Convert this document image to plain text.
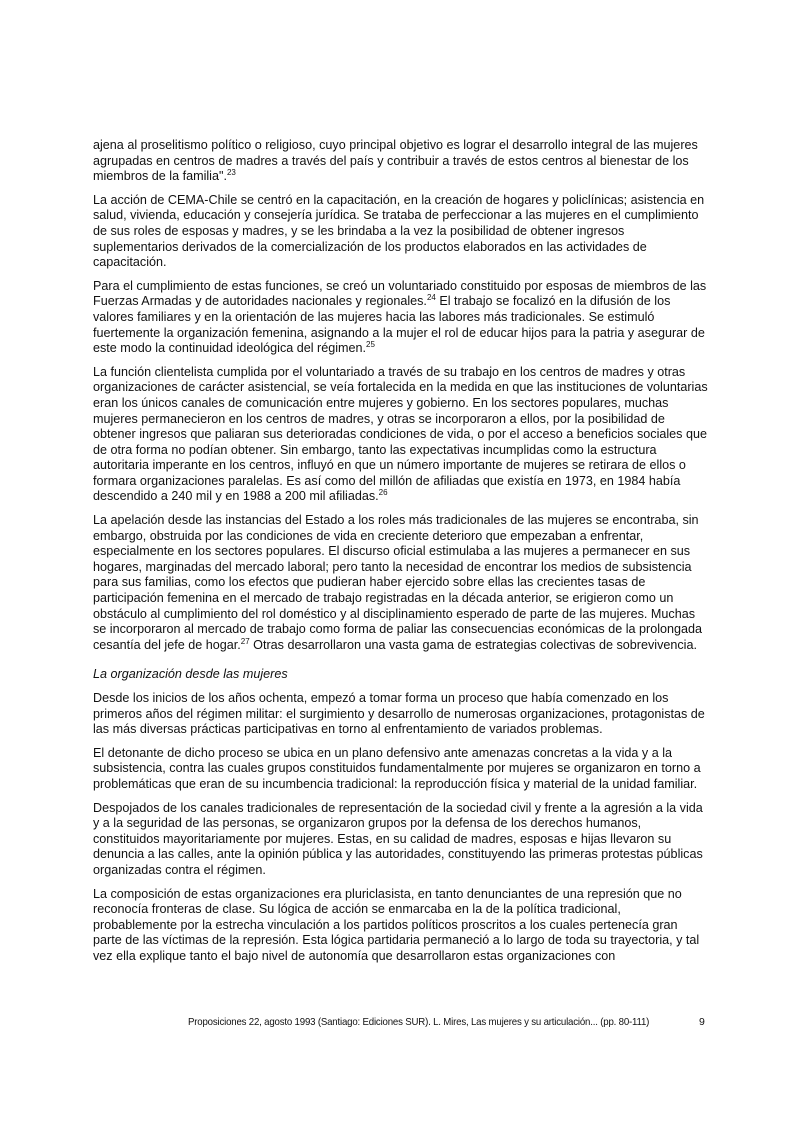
ajena al proselitismo político o religioso, cuyo principal objetivo es lograr el desarrollo integral de las mujeres agrupadas en centros de madres a través del país y contribuir a través de estos centros al bienestar de los miembros de la familia".$^{23}$

La acción de CEMA-Chile se centró en la capacitación, en la creación de hogares y policlínicas; asistencia en salud, vivienda, educación y consejería jurídica. Se trataba de perfeccionar a las mujeres en el cumplimiento de sus roles de esposas y madres, y se les brindaba a la vez la posibilidad de obtener ingresos suplementarios derivados de la comercialización de los productos elaborados en las actividades de capacitación.

Para el cumplimiento de estas funciones, se creó un voluntariado constituido por esposas de miembros de las Fuerzas Armadas y de autoridades nacionales y regionales.$^{24}$ El trabajo se focalizó en la difusión de los valores familiares y en la orientación de las mujeres hacia las labores más tradicionales. Se estimuló fuertemente la organización femenina, asignando a la mujer el rol de educar hijos para la patria y asegurar de este modo la continuidad ideológica del régimen.$^{25}$

La función clientelista cumplida por el voluntariado a través de su trabajo en los centros de madres y otras organizaciones de carácter asistencial, se veía fortalecida en la medida en que las instituciones de voluntarias eran los únicos canales de comunicación entre mujeres y gobierno. En los sectores populares, muchas mujeres permanecieron en los centros de madres, y otras se incorporaron a ellos, por la posibilidad de obtener ingresos que paliaran sus deterioradas condiciones de vida, o por el acceso a beneficios sociales que de otra forma no podían obtener. Sin embargo, tanto las expectativas incumplidas como la estructura autoritaria imperante en los centros, influyó en que un número importante de mujeres se retirara de ellos o formara organizaciones paralelas. Es así como del millón de afiliadas que existía en 1973, en 1984 había descendido a 240 mil y en 1988 a 200 mil afiliadas.$^{26}$

La apelación desde las instancias del Estado a los roles más tradicionales de las mujeres se encontraba, sin embargo, obstruida por las condiciones de vida en creciente deterioro que empezaban a enfrentar, especialmente en los sectores populares. El discurso oficial estimulaba a las mujeres a permanecer en sus hogares, marginadas del mercado laboral; pero tanto la necesidad de encontrar los medios de subsistencia para sus familias, como los efectos que pudieran haber ejercido sobre ellas las crecientes tasas de participación femenina en el mercado de trabajo registradas en la década anterior, se erigieron como un obstáculo al cumplimiento del rol doméstico y al disciplinamiento esperado de parte de las mujeres. Muchas se incorporaron al mercado de trabajo como forma de paliar las consecuencias económicas de la prolongada cesantía del jefe de hogar.$^{27}$ Otras desarrollaron una vasta gama de estrategias colectivas de sobrevivencia.

La organización desde las mujeres

Desde los inicios de los años ochenta, empezó a tomar forma un proceso que había comenzado en los primeros años del régimen militar: el surgimiento y desarrollo de numerosas organizaciones, protagonistas de las más diversas prácticas participativas en torno al enfrentamiento de variados problemas.

El detonante de dicho proceso se ubica en un plano defensivo ante amenazas concretas a la vida y a la subsistencia, contra las cuales grupos constituidos fundamentalmente por mujeres se organizaron en torno a problemáticas que eran de su incumbencia tradicional: la reproducción física y material de la unidad familiar.

Despojados de los canales tradicionales de representación de la sociedad civil y frente a la agresión a la vida y a la seguridad de las personas, se organizaron grupos por la defensa de los derechos humanos, constituidos mayoritariamente por mujeres. Estas, en su calidad de madres, esposas e hijas llevaron su denuncia a las calles, ante la opinión pública y las autoridades, constituyendo las primeras protestas públicas organizadas contra el régimen.

La composición de estas organizaciones era pluriclasista, en tanto denunciantes de una represión que no reconocía fronteras de clase. Su lógica de acción se enmarcaba en la de la política tradicional, probablemente por la estrecha vinculación a los partidos políticos proscritos a los cuales pertenecía gran parte de las víctimas de la represión. Esta lógica partidaria permaneció a lo largo de toda su trayectoria, y tal vez ella explique tanto el bajo nivel de autonomía que desarrollaron estas organizaciones con

Proposiciones 22, agosto 1993 (Santiago: Ediciones SUR). L. Mires, Las mujeres y su articulación... (pp. 80-111)	9
